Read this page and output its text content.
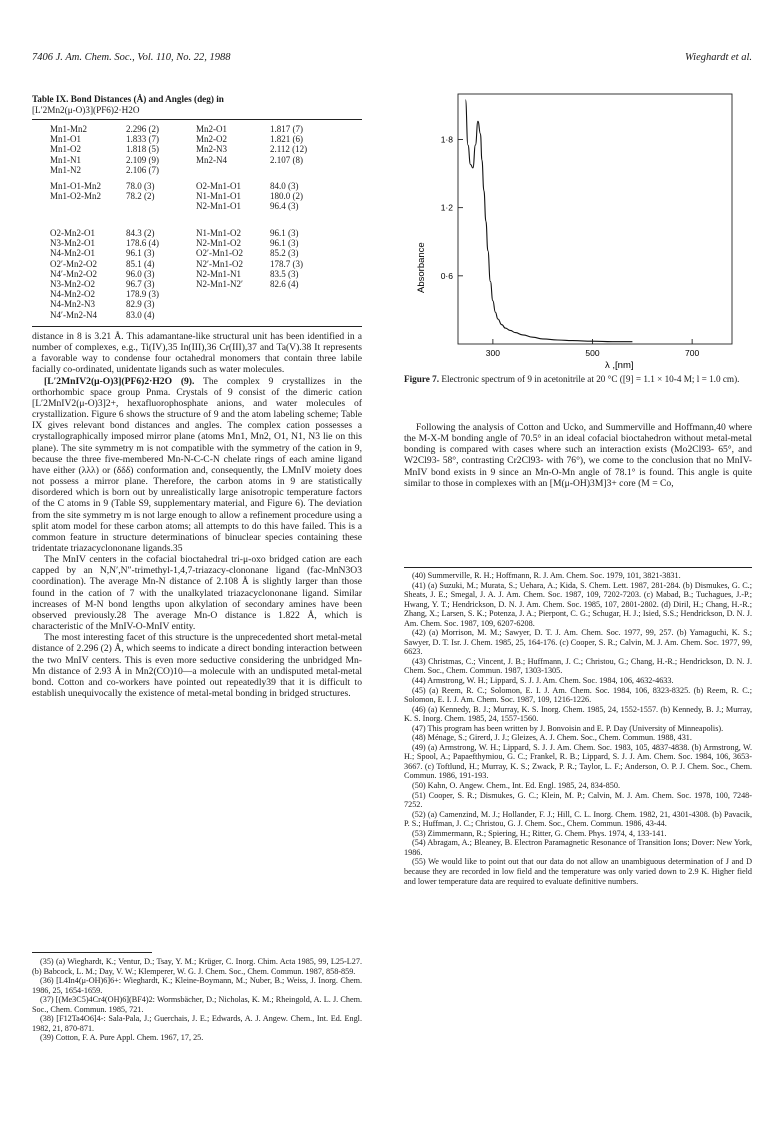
7406 J. Am. Chem. Soc., Vol. 110, No. 22, 1988	Wieghardt et al.
Table IX. Bond Distances (Å) and Angles (deg) in
[L′2Mn2(μ-O)3](PF6)2·H2O
Mn1-Mn2	2.296 (2)	Mn2-O1	1.817 (7)
Mn1-O1	1.833 (7)	Mn2-O2	1.821 (6)
Mn1-O2	1.818 (5)	Mn2-N3	2.112 (12)
Mn1-N1	2.109 (9)	Mn2-N4	2.107 (8)
Mn1-N2	2.106 (7)		
Mn1-O1-Mn2	78.0 (3)	O2-Mn1-O1	84.0 (3)
Mn1-O2-Mn2	78.2 (2)	N1-Mn1-O1	180.0 (2)
		N2-Mn1-O1	96.4 (3)
O2-Mn2-O1	84.3 (2)	N1-Mn1-O2	96.1 (3)
N3-Mn2-O1	178.6 (4)	N2-Mn1-O2	96.1 (3)
N4-Mn2-O1	96.1 (3)	O2′-Mn1-O2	85.2 (3)
O2′-Mn2-O2	85.1 (4)	N2′-Mn1-O2	178.7 (3)
N4′-Mn2-O2	96.0 (3)	N2-Mn1-N1	83.5 (3)
N3-Mn2-O2	96.7 (3)	N2-Mn1-N2′	82.6 (4)
N4-Mn2-O2	178.9 (3)		
N4-Mn2-N3	82.9 (3)		
N4′-Mn2-N4	83.0 (4)		

distance in 8 is 3.21 Å. This adamantane-like structural unit has been identified in a number of complexes, e.g., Ti(IV),35 In(III),36 Cr(III),37 and Ta(V).38 It represents a favorable way to condense four octahedral monomers that contain three labile facially co-ordinated, unidentate ligands such as water molecules.

[L′2MnIV2(μ-O)3](PF6)2·H2O (9). The complex 9 crystallizes in the orthorhombic space group Pnma. Crystals of 9 consist of the dimeric cation [L′2MnIV2(μ-O)3]2+, hexafluorophosphate anions, and water molecules of crystallization. Figure 6 shows the structure of 9 and the atom labeling scheme; Table IX gives relevant bond distances and angles. The complex cation possesses a crystallographically imposed mirror plane (atoms Mn1, Mn2, O1, N1, N3 lie on this plane). The site symmetry m is not compatible with the symmetry of the cation in 9, because the three five-membered Mn-N-C-C-N chelate rings of each amine ligand have either (λλλ) or (δδδ) conformation and, consequently, the LMnIV moiety does not possess a mirror plane. Therefore, the carbon atoms in 9 are statistically disordered which is born out by unrealistically large anisotropic temperature factors of the C atoms in 9 (Table S9, supplementary material, and Figure 6). The deviation from the site symmetry m is not large enough to allow a refinement procedure using a split atom model for these carbon atoms; all attempts to do this have failed. This is a common feature in structure determinations of binuclear species containing these tridentate triazacyclononane ligands.35

The MnIV centers in the cofacial bioctahedral tri-μ-oxo bridged cation are each capped by an N,N′,N″-trimethyl-1,4,7-triazacy-clononane ligand (fac-MnN3O3 coordination). The average Mn-N distance of 2.108 Å is slightly larger than those found in the cation of 7 with the unalkylated triazacyclononane ligand. Similar increases of M-N bond lengths upon alkylation of secondary amines have been observed previously.28 The average Mn-O distance is 1.822 Å, which is characteristic of the MnIV-O-MnIV entity.

The most interesting facet of this structure is the unprecedented short metal-metal distance of 2.296 (2) Å, which seems to indicate a direct bonding interaction between the two MnIV centers. This is even more seductive considering the unbridged Mn-Mn distance of 2.93 Å in Mn2(CO)10—a molecule with an undisputed metal-metal bond. Cotton and co-workers have pointed out repeatedly39 that it is difficult to establish unequivocally the existence of metal-metal bonding in bridged structures.

(35) (a) Wieghardt, K.; Ventur, D.; Tsay, Y. M.; Krüger, C. Inorg. Chim. Acta 1985, 99, L25-L27. (b) Babcock, L. M.; Day, V. W.; Klemperer, W. G. J. Chem. Soc., Chem. Commun. 1987, 858-859.

(36) [L4In4(μ-OH)6]6+: Wieghardt, K.; Kleine-Boymann, M.; Nuber, B.; Weiss, J. Inorg. Chem. 1986, 25, 1654-1659.

(37) [(Me3C5)4Cr4(OH)6](BF4)2: Wormsbächer, D.; Nicholas, K. M.; Rheingold, A. L. J. Chem. Soc., Chem. Commun. 1985, 721.

(38) [F12Ta4O6]4-: Sala-Pala, J.; Guerchais, J. E.; Edwards, A. J. Angew. Chem., Int. Ed. Engl. 1982, 21, 870-871.

(39) Cotton, F. A. Pure Appl. Chem. 1967, 17, 25.

0·6
1·2
1·8
300	500	700
Absorbance
λ ,[nm]
Figure 7. Electronic spectrum of 9 in acetonitrile at 20 °C ([9] = 1.1 × 10-4 M; l = 1.0 cm).

Following the analysis of Cotton and Ucko, and Summerville and Hoffmann,40 where the M-X-M bonding angle of 70.5° in an ideal cofacial bioctahedron without metal-metal bonding is compared with cases where such an interaction exists (Mo2Cl93- 65°, and W2Cl93- 58°, contrasting Cr2Cl93- with 76°), we come to the conclusion that no MnIV-MnIV bond exists in 9 since an Mn-O-Mn angle of 78.1° is found. This angle is quite similar to those in complexes with an [M(μ-OH)3M]3+ core (M = Co,

(40) Summerville, R. H.; Hoffmann, R. J. Am. Chem. Soc. 1979, 101, 3821-3831.

(41) (a) Suzuki, M.; Murata, S.; Uehara, A.; Kida, S. Chem. Lett. 1987, 281-284. (b) Dismukes, G. C.; Sheats, J. E.; Smegal, J. A. J. Am. Chem. Soc. 1987, 109, 7202-7203. (c) Mabad, B.; Tuchagues, J.-P.; Hwang, Y. T.; Hendrickson, D. N. J. Am. Chem. Soc. 1985, 107, 2801-2802. (d) Diril, H.; Chang, H.-R.; Zhang, X.; Larsen, S. K.; Potenza, J. A.; Pierpont, C. G.; Schugar, H. J.; Isied, S.S.; Hendrickson, D. N. J. Am. Chem. Soc. 1987, 109, 6207-6208.

(42) (a) Morrison, M. M.; Sawyer, D. T. J. Am. Chem. Soc. 1977, 99, 257. (b) Yamaguchi, K. S.; Sawyer, D. T. Isr. J. Chem. 1985, 25, 164-176. (c) Cooper, S. R.; Calvin, M. J. Am. Chem. Soc. 1977, 99, 6623.

(43) Christmas, C.; Vincent, J. B.; Huffmann, J. C.; Christou, G.; Chang, H.-R.; Hendrickson, D. N. J. Chem. Soc., Chem. Commun. 1987, 1303-1305.

(44) Armstrong, W. H.; Lippard, S. J. J. Am. Chem. Soc. 1984, 106, 4632-4633.

(45) (a) Reem, R. C.; Solomon, E. I. J. Am. Chem. Soc. 1984, 106, 8323-8325. (b) Reem, R. C.; Solomon, E. I. J. Am. Chem. Soc. 1987, 109, 1216-1226.

(46) (a) Kennedy, B. J.; Murray, K. S. Inorg. Chem. 1985, 24, 1552-1557. (b) Kennedy, B. J.; Murray, K. S. Inorg. Chem. 1985, 24, 1557-1560.

(47) This program has been written by J. Bonvoisin and E. P. Day (University of Minneapolis).

(48) Ménage, S.; Girerd, J. J.; Gleizes, A. J. Chem. Soc., Chem. Commun. 1988, 431.

(49) (a) Armstrong, W. H.; Lippard, S. J. J. Am. Chem. Soc. 1983, 105, 4837-4838. (b) Armstrong, W. H.; Spool, A.; Papaefthymiou, G. C.; Frankel, R. B.; Lippard, S. J. J. Am. Chem. Soc. 1984, 106, 3653-3667. (c) Toftlund, H.; Murray, K. S.; Zwack, P. R.; Taylor, L. F.; Anderson, O. P. J. Chem. Soc., Chem. Commun. 1986, 191-193.

(50) Kahn, O. Angew. Chem., Int. Ed. Engl. 1985, 24, 834-850.

(51) Cooper, S. R.; Dismukes, G. C.; Klein, M. P.; Calvin, M. J. Am. Chem. Soc. 1978, 100, 7248-7252.

(52) (a) Camenzind, M. J.; Hollander, F. J.; Hill, C. L. Inorg. Chem. 1982, 21, 4301-4308. (b) Pavacik, P. S.; Huffman, J. C.; Christou, G. J. Chem. Soc., Chem. Commun. 1986, 43-44.

(53) Zimmermann, R.; Spiering, H.; Ritter, G. Chem. Phys. 1974, 4, 133-141.

(54) Abragam, A.; Bleaney, B. Electron Paramagnetic Resonance of Transition Ions; Dover: New York, 1986.

(55) We would like to point out that our data do not allow an unambiguous determination of J and D because they are recorded in low field and the temperature was only varied down to 2.9 K. Higher field and lower temperature data are required to evaluate definitive numbers.
